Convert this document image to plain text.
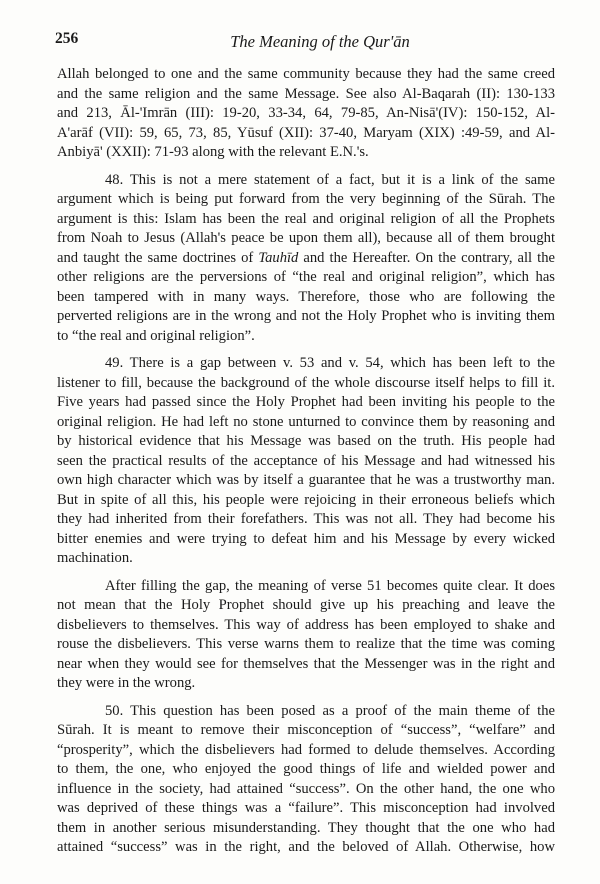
256	The Meaning of the Qur'ān
Allah belonged to one and the same community because they had the same creed
and the same religion and the same Message. See also Al-Baqarah (II): 130-133
and 213, Āl-'Imrān (III): 19-20, 33-34, 64, 79-85, An-Nisā'(IV): 150-152, Al-
A'arāf (VII): 59, 65, 73, 85, Yūsuf (XII): 37-40, Maryam (XIX) :49-59, and Al-
Anbiyā' (XXII): 71-93 along with the relevant E.N.'s.
48. This is not a mere statement of a fact, but it is a link of the same
argument which is being put forward from the very beginning of the Sūrah. The
argument is this: Islam has been the real and original religion of all the Prophets
from Noah to Jesus (Allah's peace be upon them all), because all of them brought
and taught the same doctrines of Tauhīd and the Hereafter. On the contrary, all the
other religions are the perversions of “the real and original religion”, which has
been tampered with in many ways. Therefore, those who are following the
perverted religions are in the wrong and not the Holy Prophet who is inviting them
to “the real and original religion”.
49. There is a gap between v. 53 and v. 54, which has been left to the
listener to fill, because the background of the whole discourse itself helps to fill it.
Five years had passed since the Holy Prophet had been inviting his people to the
original religion. He had left no stone unturned to convince them by reasoning and
by historical evidence that his Message was based on the truth. His people had
seen the practical results of the acceptance of his Message and had witnessed his
own high character which was by itself a guarantee that he was a trustworthy man.
But in spite of all this, his people were rejoicing in their erroneous beliefs which
they had inherited from their forefathers. This was not all. They had become his
bitter enemies and were trying to defeat him and his Message by every wicked
machination.
After filling the gap, the meaning of verse 51 becomes quite clear. It does
not mean that the Holy Prophet should give up his preaching and leave the
disbelievers to themselves. This way of address has been employed to shake and
rouse the disbelievers. This verse warns them to realize that the time was coming
near when they would see for themselves that the Messenger was in the right and
they were in the wrong.
50. This question has been posed as a proof of the main theme of the
Sūrah. It is meant to remove their misconception of “success”, “welfare” and
“prosperity”, which the disbelievers had formed to delude themselves. According
to them, the one, who enjoyed the good things of life and wielded power and
influence in the society, had attained “success”. On the other hand, the one who
was deprived of these things was a “failure”. This misconception had involved
them in another serious misunderstanding. They thought that the one who had
attained “success” was in the right, and the beloved of Allah. Otherwise, how
